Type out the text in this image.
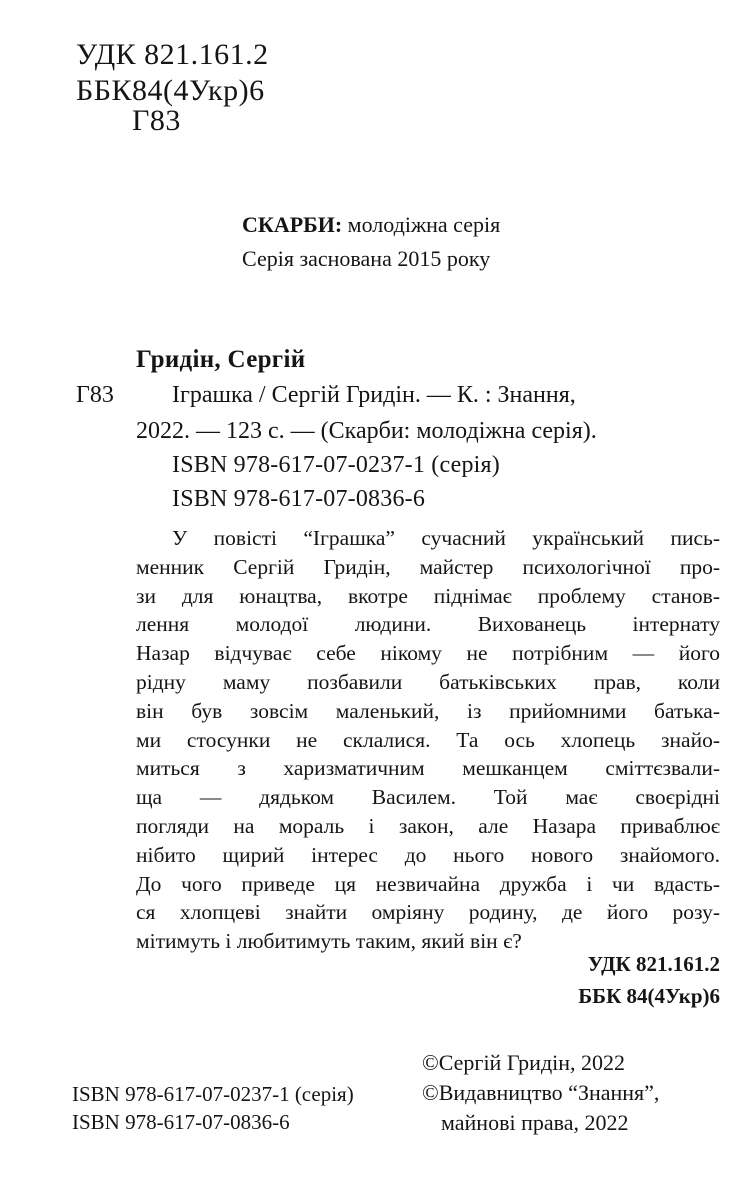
УДК 821.161.2
ББК84(4Укр)6
Г83
СКАРБИ: молодіжна серія
Серія заснована 2015 року
Гридін, Сергій
Г83 Іграшка / Сергій Гридін. — К. : Знання,
2022. — 123 с. — (Скарби: молодіжна серія).
ISBN 978-617-07-0237-1 (серія)
ISBN 978-617-07-0836-6
У повісті “Іграшка” сучасний український пись-
менник Сергій Гридін, майстер психологічної про-
зи для юнацтва, вкотре піднімає проблему станов-
лення молодої людини. Вихованець інтернату
Назар відчуває себе нікому не потрібним — його
рідну маму позбавили батьківських прав, коли
він був зовсім маленький, із прийомними батька-
ми стосунки не склалися. Та ось хлопець знайо-
миться з харизматичним мешканцем сміттєзвали-
ща — дядьком Василем. Той має своєрідні
погляди на мораль і закон, але Назара приваблює
нібито щирий інтерес до нього нового знайомого.
До чого приведе ця незвичайна дружба і чи вдасть-
ся хлопцеві знайти омріяну родину, де його розу-
мітимуть і любитимуть таким, який він є?
УДК 821.161.2
ББК 84(4Укр)6
©Сергій Гридін, 2022
©Видавництво “Знання”,
майнові права, 2022
ISBN 978-617-07-0237-1 (серія)
ISBN 978-617-07-0836-6
